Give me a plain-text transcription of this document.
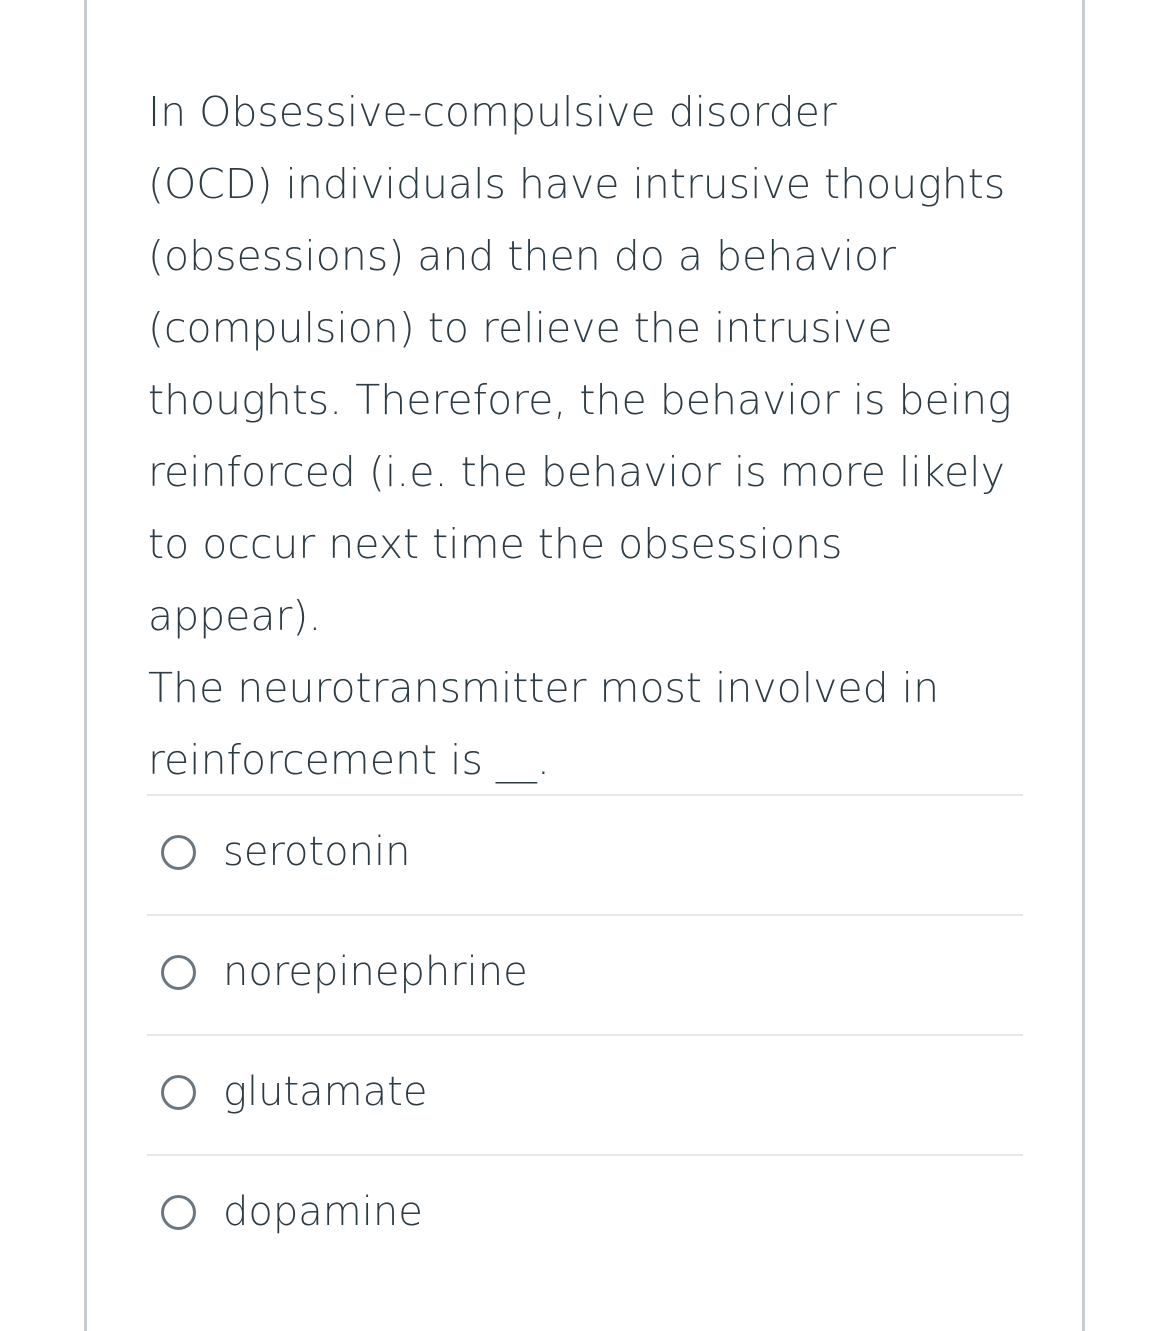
In Obsessive-compulsive disorder
(OCD) individuals have intrusive thoughts
(obsessions) and then do a behavior
(compulsion) to relieve the intrusive
thoughts. Therefore, the behavior is being
reinforced (i.e. the behavior is more likely
to occur next time the obsessions appear).
The neurotransmitter most involved in
reinforcement is __.
serotonin
norepinephrine
glutamate
dopamine
